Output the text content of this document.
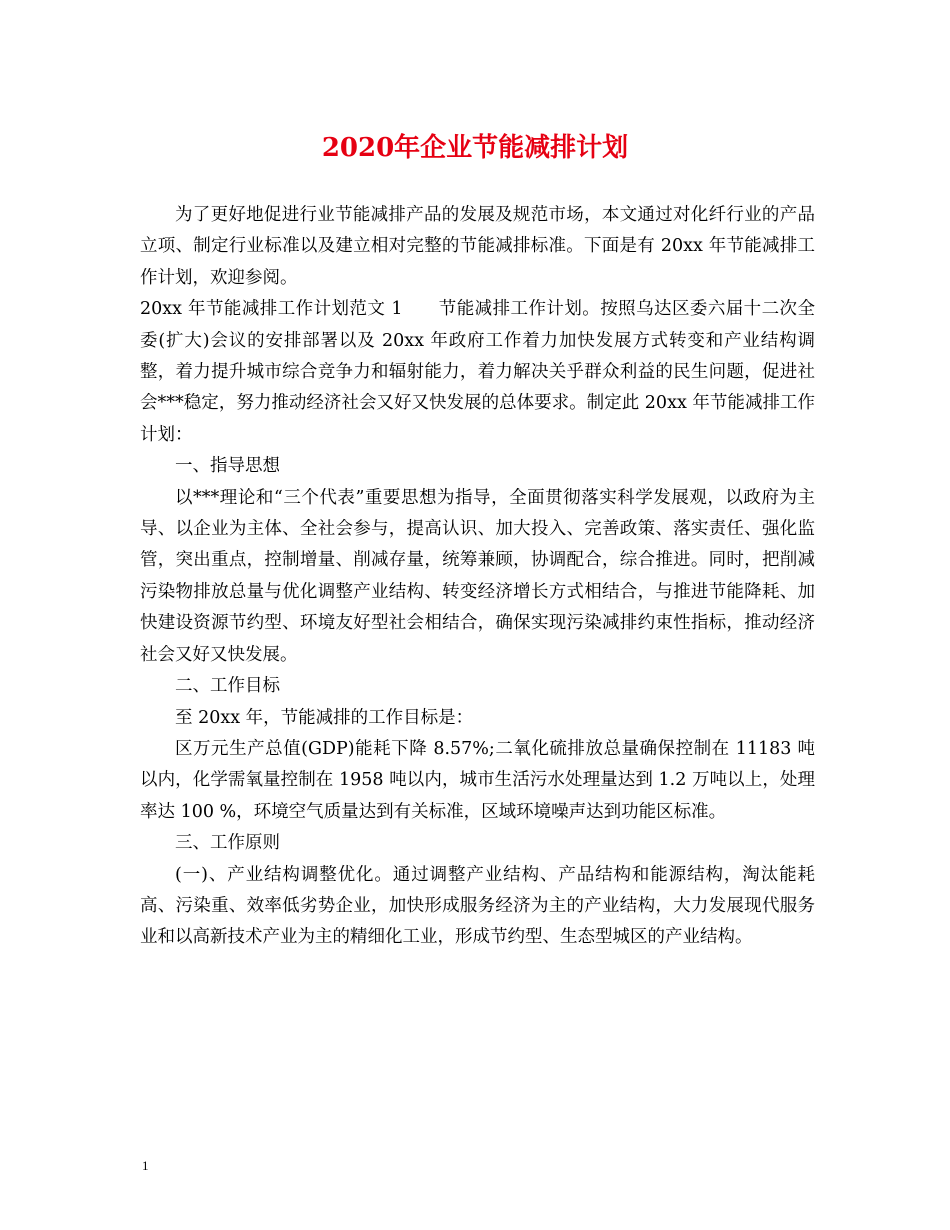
2020年企业节能减排计划

为了更好地促进行业节能减排产品的发展及规范市场，本文通过对化纤行业的产品立项、制定行业标准以及建立相对完整的节能减排标准。下面是有 20xx 年节能减排工作计划，欢迎参阅。

20xx 年节能减排工作计划范文 1　　节能减排工作计划。按照乌达区委六届十二次全委(扩大)会议的安排部署以及 20xx 年政府工作着力加快发展方式转变和产业结构调整，着力提升城市综合竞争力和辐射能力，着力解决关乎群众利益的民生问题，促进社会***稳定，努力推动经济社会又好又快发展的总体要求。制定此 20xx 年节能减排工作计划：

一、指导思想

以***理论和“三个代表”重要思想为指导，全面贯彻落实科学发展观，以政府为主导、以企业为主体、全社会参与，提高认识、加大投入、完善政策、落实责任、强化监管，突出重点，控制增量、削减存量，统筹兼顾，协调配合，综合推进。同时，把削减污染物排放总量与优化调整产业结构、转变经济增长方式相结合，与推进节能降耗、加快建设资源节约型、环境友好型社会相结合，确保实现污染减排约束性指标，推动经济社会又好又快发展。

二、工作目标

至 20xx 年，节能减排的工作目标是：

区万元生产总值(GDP)能耗下降 8.57%;二氧化硫排放总量确保控制在 11183 吨以内，化学需氧量控制在 1958 吨以内，城市生活污水处理量达到 1.2 万吨以上，处理率达 100 %，环境空气质量达到有关标准，区域环境噪声达到功能区标准。

三、工作原则

(一)、产业结构调整优化。通过调整产业结构、产品结构和能源结构，淘汰能耗高、污染重、效率低劣势企业，加快形成服务经济为主的产业结构，大力发展现代服务业和以高新技术产业为主的精细化工业，形成节约型、生态型城区的产业结构。

1
